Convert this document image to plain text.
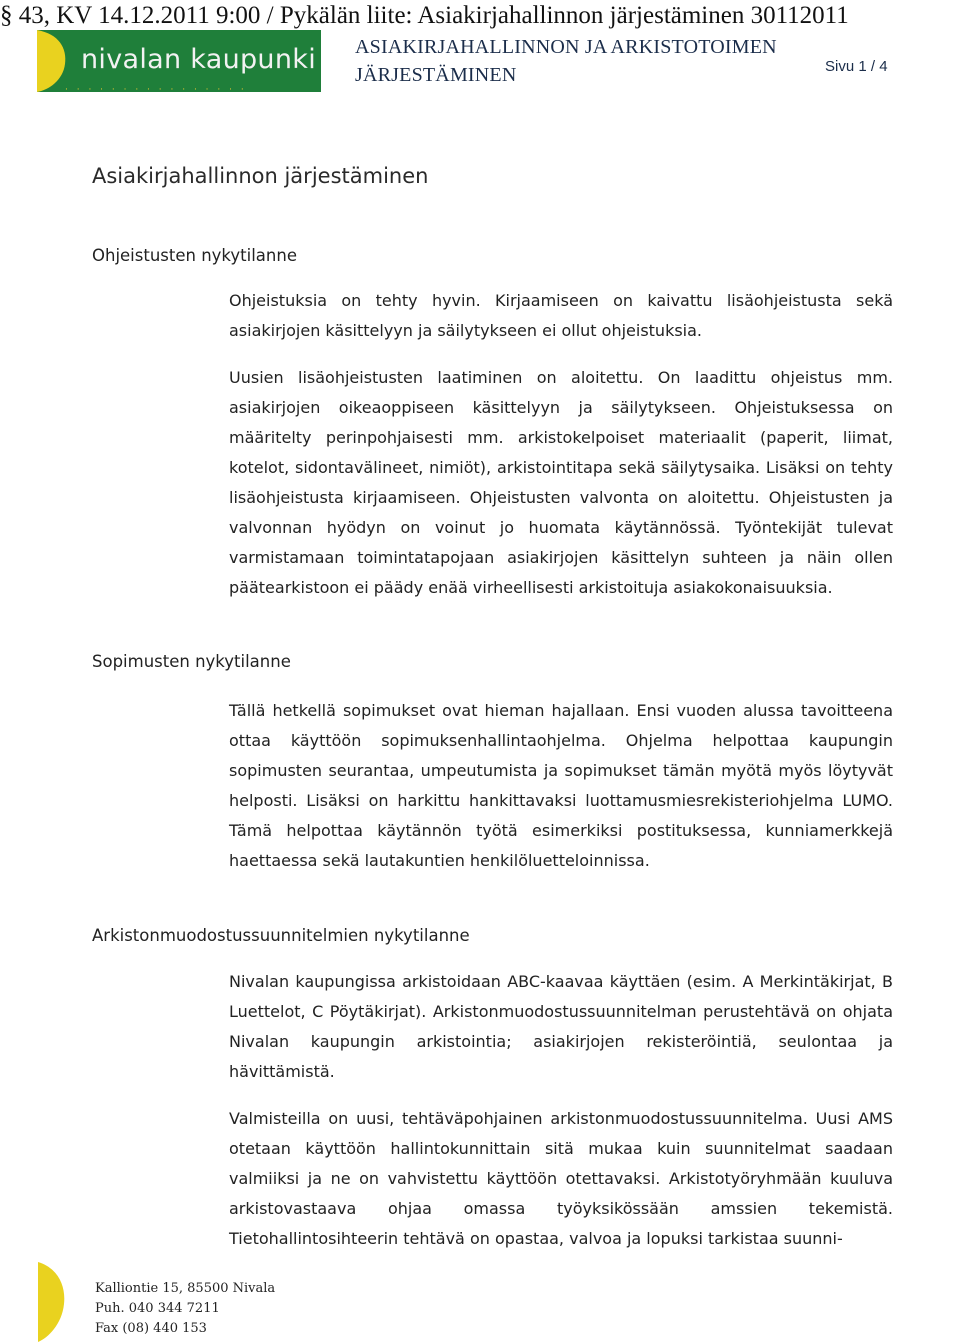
§ 43, KV 14.12.2011 9:00 / Pykälän liite: Asiakirjahallinnon järjestäminen 30112011
nivalan kaupunki
· · · · · · · · · · · · · · · ·
ASIAKIRJAHALLINNON JA ARKISTOTOIMEN
JÄRJESTÄMINEN	Sivu 1 / 4
Asiakirjahallinnon järjestäminen
Ohjeistusten nykytilanne

Ohjeistuksia on tehty hyvin. Kirjaamiseen on kaivattu lisäohjeistusta sekä asiakirjojen käsittelyyn ja säilytykseen ei ollut ohjeistuksia.

Uusien lisäohjeistusten laatiminen on aloitettu. On laadittu ohjeistus mm. asiakirjojen oikeaoppiseen käsittelyyn ja säilytykseen. Ohjeistuksessa on määritelty perinpohjaisesti mm. arkistokelpoiset materiaalit (paperit, liimat, kotelot, sidontavälineet, nimiöt), arkistointitapa sekä säilytysaika. Lisäksi on tehty lisäohjeistusta kirjaamiseen. Ohjeistusten valvonta on aloitettu. Ohjeistusten ja valvonnan hyödyn on voinut jo huomata käytännössä. Työntekijät tulevat varmistamaan toimintatapojaan asiakirjojen käsittelyn suhteen ja näin ollen päätearkistoon ei päädy enää virheellisesti arkistoituja asiakokonaisuuksia.

Sopimusten nykytilanne

Tällä hetkellä sopimukset ovat hieman hajallaan. Ensi vuoden alussa tavoitteena ottaa käyttöön sopimuksenhallintaohjelma. Ohjelma helpottaa kaupungin sopimusten seurantaa, umpeutumista ja sopimukset tämän myötä myös löytyvät helposti. Lisäksi on harkittu hankittavaksi luottamusmiesrekisteriohjelma LUMO. Tämä helpottaa käytännön työtä esimerkiksi postituksessa, kunniamerkkejä haettaessa sekä lautakuntien henkilöluetteloinnissa.

Arkistonmuodostussuunnitelmien nykytilanne

Nivalan kaupungissa arkistoidaan ABC-kaavaa käyttäen (esim. A Merkintäkirjat, B Luettelot, C Pöytäkirjat). Arkistonmuodostussuunnitelman perustehtävä on ohjata Nivalan kaupungin arkistointia; asiakirjojen rekisteröintiä, seulontaa ja hävittämistä.

Valmisteilla on uusi, tehtäväpohjainen arkistonmuodostussuunnitelma. Uusi AMS otetaan käyttöön hallintokunnittain sitä mukaa kuin suunnitelmat saadaan valmiiksi ja ne on vahvistettu käyttöön otettavaksi. Arkistotyöryhmään kuuluva arkistovastaava ohjaa omassa työyksikössään amssien tekemistä. Tietohallintosihteerin tehtävä on opastaa, valvoa ja lopuksi tarkistaa suunni-

Kalliontie 15, 85500 Nivala
Puh. 040 344 7211
Fax (08) 440 153
